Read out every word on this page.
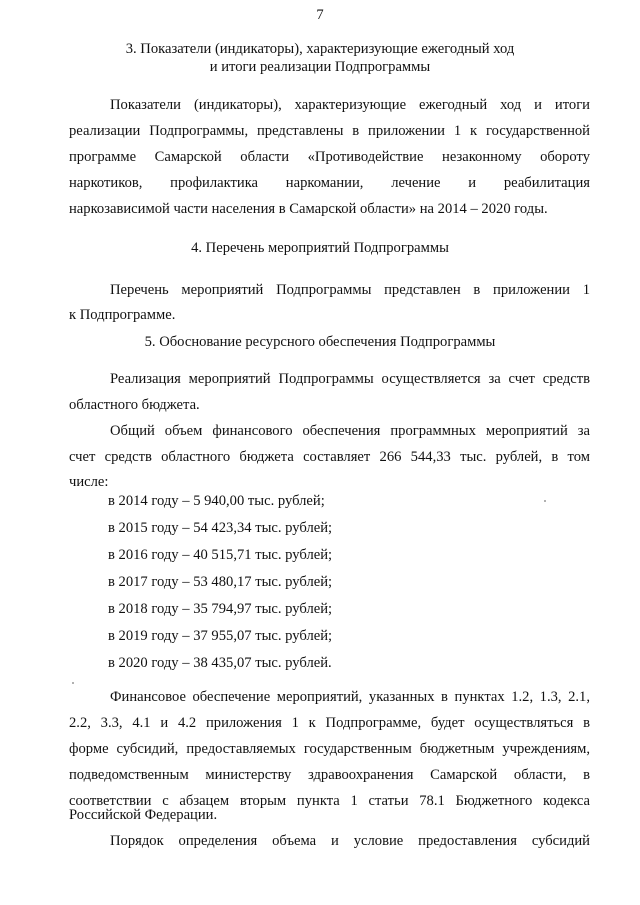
7
3. Показатели (индикаторы), характеризующие ежегодный ход
и итоги реализации Подпрограммы
Показатели (индикаторы), характеризующие ежегодный ход и итоги
реализации Подпрограммы, представлены в приложении 1 к государственной
программе Самарской области «Противодействие незаконному обороту
наркотиков, профилактика наркомании, лечение и реабилитация
наркозависимой части населения в Самарской области» на 2014 – 2020 годы.
4. Перечень мероприятий Подпрограммы
Перечень мероприятий Подпрограммы представлен в приложении 1
к Подпрограмме.
5. Обоснование ресурсного обеспечения Подпрограммы
Реализация мероприятий Подпрограммы осуществляется за счет средств
областного бюджета.
Общий объем финансового обеспечения программных мероприятий за
счет средств областного бюджета составляет 266 544,33 тыс. рублей, в том
числе:
в 2014 году – 5 940,00 тыс. рублей;
в 2015 году – 54 423,34 тыс. рублей;
в 2016 году – 40 515,71 тыс. рублей;
в 2017 году – 53 480,17 тыс. рублей;
в 2018 году – 35 794,97 тыс. рублей;
в 2019 году – 37 955,07 тыс. рублей;
в 2020 году – 38 435,07 тыс. рублей.
Финансовое обеспечение мероприятий, указанных в пунктах 1.2, 1.3, 2.1,
2.2, 3.3, 4.1 и 4.2 приложения 1 к Подпрограмме, будет осуществляться в
форме субсидий, предоставляемых государственным бюджетным учреждениям,
подведомственным министерству здравоохранения Самарской области, в
соответствии с абзацем вторым пункта 1 статьи 78.1 Бюджетного кодекса
Российской Федерации.
Порядок определения объема и условие предоставления субсидий
